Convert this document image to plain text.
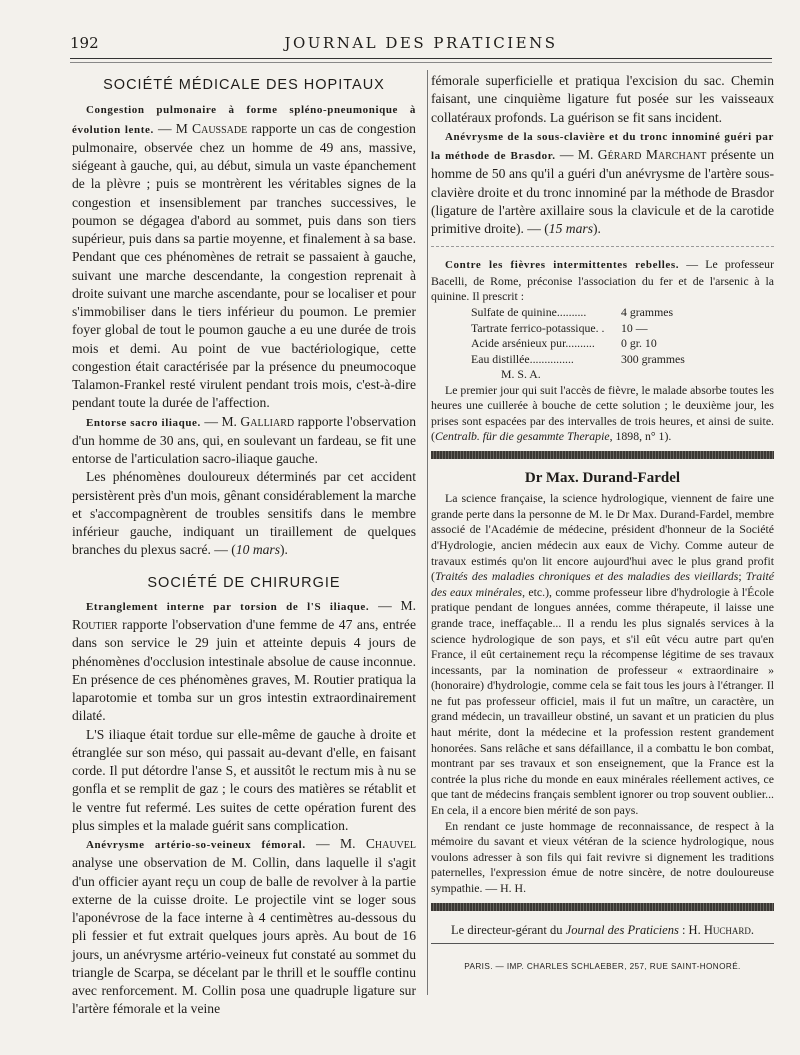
192	JOURNAL DES PRATICIENS
SOCIÉTÉ MÉDICALE DES HOPITAUX

Congestion pulmonaire à forme spléno-pneumonique à évolution lente. — M Caussade rapporte un cas de congestion pulmonaire, observée chez un homme de 49 ans, massive, siégeant à gauche, qui, au début, simula un vaste épanchement de la plèvre ; puis se montrèrent les véritables signes de la congestion et insensiblement par tranches successives, le poumon se dégagea d'abord au sommet, puis dans son tiers supérieur, puis dans sa partie moyenne, et finalement à sa base. Pendant que ces phénomènes de retrait se passaient à gauche, suivant une marche descendante, la congestion reprenait à droite suivant une marche ascendante, pour se localiser et pour s'immobiliser dans le tiers inférieur du poumon. Le premier foyer global de tout le poumon gauche a eu une durée de trois mois et demi. Au point de vue bactériologique, cette congestion était caractérisée par la présence du pneumocoque Talamon-Frankel resté virulent pendant trois mois, c'est-à-dire pendant toute la durée de l'affection.

Entorse sacro iliaque. — M. Galliard rapporte l'observation d'un homme de 30 ans, qui, en soulevant un fardeau, se fit une entorse de l'articulation sacro-iliaque gauche.

Les phénomènes douloureux déterminés par cet accident persistèrent près d'un mois, gênant considérablement la marche et s'accompagnèrent de troubles sensitifs dans le membre inférieur gauche, indiquant un tiraillement de quelques branches du plexus sacré. — (10 mars).

SOCIÉTÉ DE CHIRURGIE

Etranglement interne par torsion de l'S iliaque. — M. Routier rapporte l'observation d'une femme de 47 ans, entrée dans son service le 29 juin et atteinte depuis 4 jours de phénomènes d'occlusion intestinale absolue de cause inconnue. En présence de ces phénomènes graves, M. Routier pratiqua la laparotomie et tomba sur un gros intestin extraordinairement dilaté.

L'S iliaque était tordue sur elle-même de gauche à droite et étranglée sur son méso, qui passait au-devant d'elle, en faisant corde. Il put détordre l'anse S, et aussitôt le rectum mis à nu se gonfla et se remplit de gaz ; le cours des matières se rétablit et le ventre fut refermé. Les suites de cette opération furent des plus simples et la malade guérit sans complication.

Anévrysme artério-so-veineux fémoral. — M. Chauvel analyse une observation de M. Collin, dans laquelle il s'agit d'un officier ayant reçu un coup de balle de revolver à la partie externe de la cuisse droite. Le projectile vint se loger sous l'aponévrose de la face interne à 4 centimètres au-dessous du pli fessier et fut extrait quelques jours après. Au bout de 16 jours, un anévrysme artério-veineux fut constaté au sommet du triangle de Scarpa, se décelant par le thrill et le souffle continu avec renforcement. M. Collin posa une quadruple ligature sur l'artère fémorale et la veine

fémorale superficielle et pratiqua l'excision du sac. Chemin faisant, une cinquième ligature fut posée sur les vaisseaux collatéraux profonds. La guérison se fit sans incident.

Anévrysme de la sous-clavière et du tronc innominé guéri par la méthode de Brasdor. — M. Gérard Marchant présente un homme de 50 ans qu'il a guéri d'un anévrysme de l'artère sous-clavière droite et du tronc innominé par la méthode de Brasdor (ligature de l'artère axillaire sous la clavicule et de la carotide primitive droite). — (15 mars).

Contre les fièvres intermittentes rebelles. — Le professeur Bacelli, de Rome, préconise l'association du fer et de l'arsenic à la quinine. Il prescrit :

Sulfate de quinine..........	4 grammes
Tartrate ferrico-potassique. .	10 —
Acide arsénieux pur..........	0 gr. 10
Eau distillée...............	300 grammes
M. S. A.

Le premier jour qui suit l'accès de fièvre, le malade absorbe toutes les heures une cuillerée à bouche de cette solution ; le deuxième jour, les prises sont espacées par des intervalles de trois heures, et ainsi de suite. (Centralb. für die gesammte Therapie, 1898, n° 1).

Dr Max. Durand-Fardel

La science française, la science hydrologique, viennent de faire une grande perte dans la personne de M. le Dr Max. Durand-Fardel, membre associé de l'Académie de médecine, président d'honneur de la Société d'Hydrologie, ancien médecin aux eaux de Vichy. Comme auteur de travaux estimés qu'on lit encore aujourd'hui avec le plus grand profit (Traités des maladies chroniques et des maladies des vieillards; Traité des eaux minérales, etc.), comme professeur libre d'hydrologie à l'École pratique pendant de longues années, comme thérapeute, il laisse une grande trace, ineffaçable... Il a rendu les plus signalés services à la science hydrologique de son pays, et s'il eût vécu autre part qu'en France, il eût certainement reçu la récompense légitime de ses travaux incessants, par la nomination de professeur « extraordinaire » (honoraire) d'hydrologie, comme cela se fait tous les jours à l'étranger. Il ne fut pas professeur officiel, mais il fut un maître, un caractère, un grand médecin, un travailleur obstiné, un savant et un praticien du plus haut mérite, dont la médecine et la profession restent grandement honorées. Sans relâche et sans défaillance, il a combattu le bon combat, montrant par ses travaux et son enseignement, que la France est la contrée la plus riche du monde en eaux minérales réellement actives, ce que tant de médecins français semblent ignorer ou trop souvent oublier... En cela, il a encore bien mérité de son pays.

En rendant ce juste hommage de reconnaissance, de respect à la mémoire du savant et vieux vétéran de la science hydrologique, nous voulons adresser à son fils qui fait revivre si dignement les traditions paternelles, l'expression émue de notre sincère, de notre douloureuse sympathie. — H. H.

Le directeur-gérant du Journal des Praticiens : H. Huchard.
PARIS. — IMP. CHARLES SCHLAEBER, 257, RUE SAINT-HONORÉ.
